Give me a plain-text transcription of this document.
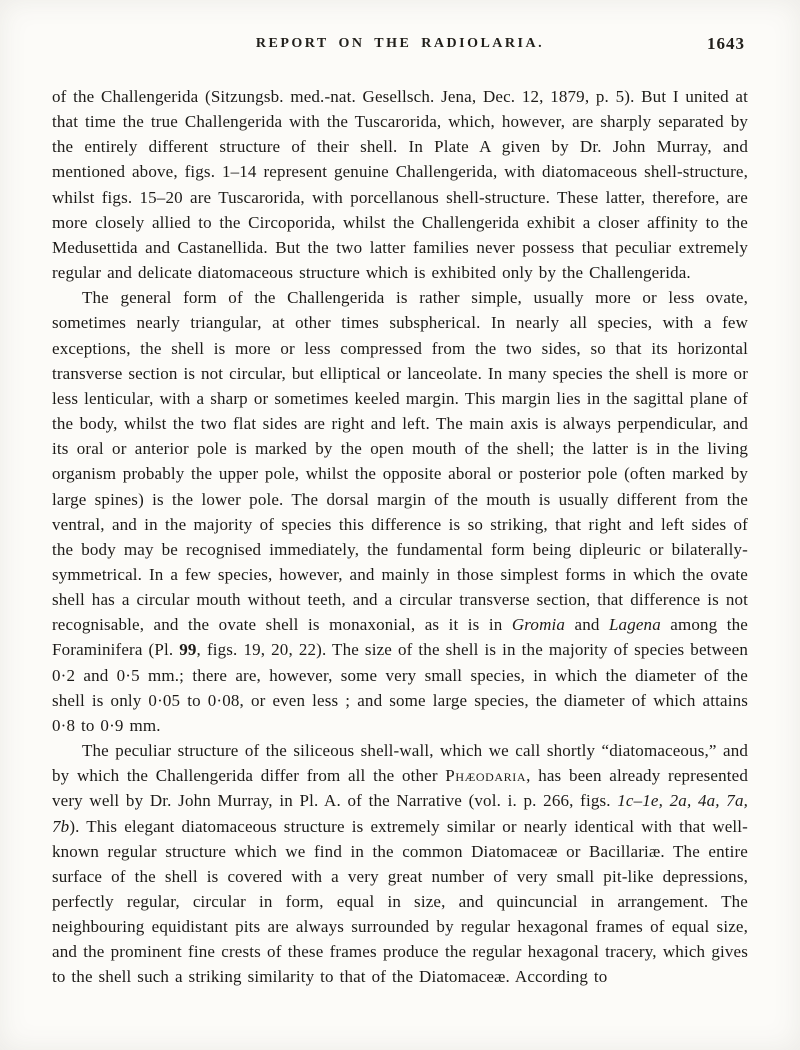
REPORT ON THE RADIOLARIA.	1643

of the Challengerida (Sitzungsb. med.-nat. Gesellsch. Jena, Dec. 12, 1879, p. 5). But I united at that time the true Challengerida with the Tuscarorida, which, however, are sharply separated by the entirely different structure of their shell. In Plate A given by Dr. John Murray, and mentioned above, figs. 1–14 represent genuine Challengerida, with diatomaceous shell-structure, whilst figs. 15–20 are Tuscarorida, with porcellanous shell-structure. These latter, therefore, are more closely allied to the Circoporida, whilst the Challengerida exhibit a closer affinity to the Medusettida and Castanellida. But the two latter families never possess that peculiar extremely regular and delicate diatomaceous structure which is exhibited only by the Challengerida.

The general form of the Challengerida is rather simple, usually more or less ovate, sometimes nearly triangular, at other times subspherical. In nearly all species, with a few exceptions, the shell is more or less compressed from the two sides, so that its horizontal transverse section is not circular, but elliptical or lanceolate. In many species the shell is more or less lenticular, with a sharp or sometimes keeled margin. This margin lies in the sagittal plane of the body, whilst the two flat sides are right and left. The main axis is always perpendicular, and its oral or anterior pole is marked by the open mouth of the shell; the latter is in the living organism probably the upper pole, whilst the opposite aboral or posterior pole (often marked by large spines) is the lower pole. The dorsal margin of the mouth is usually different from the ventral, and in the majority of species this difference is so striking, that right and left sides of the body may be recognised immediately, the fundamental form being dipleuric or bilaterally-symmetrical. In a few species, however, and mainly in those simplest forms in which the ovate shell has a circular mouth without teeth, and a circular transverse section, that difference is not recognisable, and the ovate shell is monaxonial, as it is in Gromia and Lagena among the Foraminifera (Pl. 99, figs. 19, 20, 22). The size of the shell is in the majority of species between 0·2 and 0·5 mm.; there are, however, some very small species, in which the diameter of the shell is only 0·05 to 0·08, or even less ; and some large species, the diameter of which attains 0·8 to 0·9 mm.

The peculiar structure of the siliceous shell-wall, which we call shortly “diatomaceous,” and by which the Challengerida differ from all the other Phæodaria, has been already represented very well by Dr. John Murray, in Pl. A. of the Narrative (vol. i. p. 266, figs. 1c–1e, 2a, 4a, 7a, 7b). This elegant diatomaceous structure is extremely similar or nearly identical with that well-known regular structure which we find in the common Diatomaceæ or Bacillariæ. The entire surface of the shell is covered with a very great number of very small pit-like depressions, perfectly regular, circular in form, equal in size, and quincuncial in arrangement. The neighbouring equidistant pits are always surrounded by regular hexagonal frames of equal size, and the prominent fine crests of these frames produce the regular hexagonal tracery, which gives to the shell such a striking similarity to that of the Diatomaceæ. According to
